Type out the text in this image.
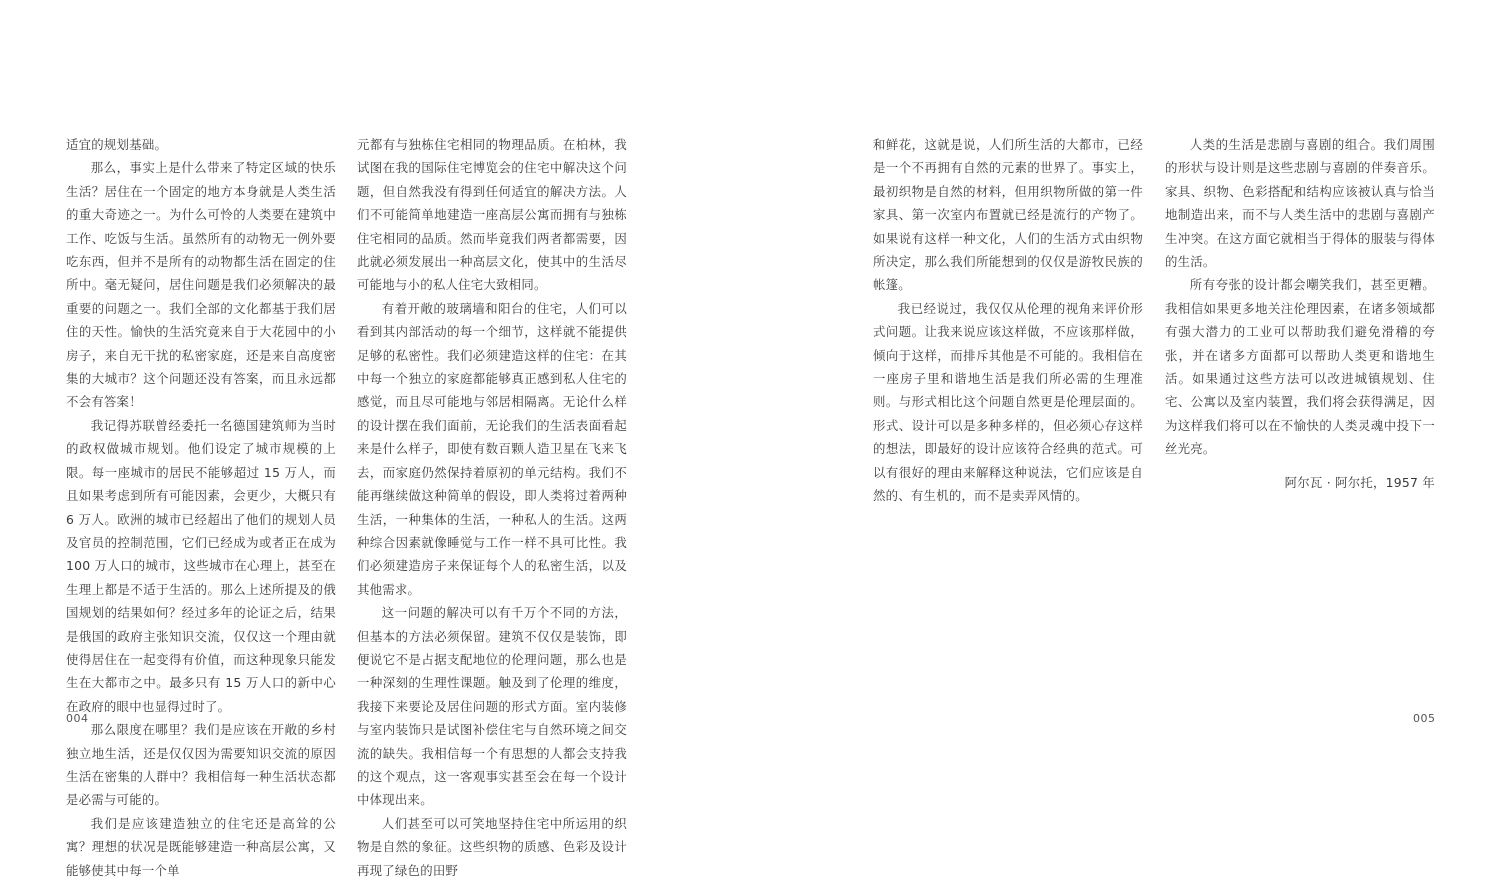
适宜的规划基础。

那么，事实上是什么带来了特定区域的快乐生活？居住在一个固定的地方本身就是人类生活的重大奇迹之一。为什么可怜的人类要在建筑中工作、吃饭与生活。虽然所有的动物无一例外要吃东西，但并不是所有的动物都生活在固定的住所中。毫无疑问，居住问题是我们必须解决的最重要的问题之一。我们全部的文化都基于我们居住的天性。愉快的生活究竟来自于大花园中的小房子，来自无干扰的私密家庭，还是来自高度密集的大城市？这个问题还没有答案，而且永远都不会有答案！

我记得苏联曾经委托一名德国建筑师为当时的政权做城市规划。他们设定了城市规模的上限。每一座城市的居民不能够超过 15 万人，而且如果考虑到所有可能因素，会更少，大概只有 6 万人。欧洲的城市已经超出了他们的规划人员及官员的控制范围，它们已经成为或者正在成为 100 万人口的城市，这些城市在心理上，甚至在生理上都是不适于生活的。那么上述所提及的俄国规划的结果如何？经过多年的论证之后，结果是俄国的政府主张知识交流，仅仅这一个理由就使得居住在一起变得有价值，而这种现象只能发生在大都市之中。最多只有 15 万人口的新中心在政府的眼中也显得过时了。

那么限度在哪里？我们是应该在开敞的乡村独立地生活，还是仅仅因为需要知识交流的原因生活在密集的人群中？我相信每一种生活状态都是必需与可能的。

我们是应该建造独立的住宅还是高耸的公寓？理想的状况是既能够建造一种高层公寓，又能够使其中每一个单

元都有与独栋住宅相同的物理品质。在柏林，我试图在我的国际住宅博览会的住宅中解决这个问题，但自然我没有得到任何适宜的解决方法。人们不可能简单地建造一座高层公寓而拥有与独栋住宅相同的品质。然而毕竟我们两者都需要，因此就必须发展出一种高层文化，使其中的生活尽可能地与小的私人住宅大致相同。

有着开敞的玻璃墙和阳台的住宅，人们可以看到其内部活动的每一个细节，这样就不能提供足够的私密性。我们必须建造这样的住宅：在其中每一个独立的家庭都能够真正感到私人住宅的感觉，而且尽可能地与邻居相隔离。无论什么样的设计摆在我们面前，无论我们的生活表面看起来是什么样子，即使有数百颗人造卫星在飞来飞去，而家庭仍然保持着原初的单元结构。我们不能再继续做这种简单的假设，即人类将过着两种生活，一种集体的生活，一种私人的生活。这两种综合因素就像睡觉与工作一样不具可比性。我们必须建造房子来保证每个人的私密生活，以及其他需求。

这一问题的解决可以有千万个不同的方法，但基本的方法必须保留。建筑不仅仅是装饰，即便说它不是占据支配地位的伦理问题，那么也是一种深刻的生理性课题。触及到了伦理的维度，我接下来要论及居住问题的形式方面。室内装修与室内装饰只是试图补偿住宅与自然环境之间交流的缺失。我相信每一个有思想的人都会支持我的这个观点，这一客观事实甚至会在每一个设计中体现出来。

人们甚至可以可笑地坚持住宅中所运用的织物是自然的象征。这些织物的质感、色彩及设计再现了绿色的田野

和鲜花，这就是说，人们所生活的大都市，已经是一个不再拥有自然的元素的世界了。事实上，最初织物是自然的材料，但用织物所做的第一件家具、第一次室内布置就已经是流行的产物了。如果说有这样一种文化，人们的生活方式由织物所决定，那么我们所能想到的仅仅是游牧民族的帐篷。

我已经说过，我仅仅从伦理的视角来评价形式问题。让我来说应该这样做，不应该那样做，倾向于这样，而排斥其他是不可能的。我相信在一座房子里和谐地生活是我们所必需的生理准则。与形式相比这个问题自然更是伦理层面的。形式、设计可以是多种多样的，但必须心存这样的想法，即最好的设计应该符合经典的范式。可以有很好的理由来解释这种说法，它们应该是自然的、有生机的，而不是卖弄风情的。

人类的生活是悲剧与喜剧的组合。我们周围的形状与设计则是这些悲剧与喜剧的伴奏音乐。家具、织物、色彩搭配和结构应该被认真与恰当地制造出来，而不与人类生活中的悲剧与喜剧产生冲突。在这方面它就相当于得体的服装与得体的生活。

所有夸张的设计都会嘲笑我们，甚至更糟。我相信如果更多地关注伦理因素，在诸多领域都有强大潜力的工业可以帮助我们避免滑稽的夸张，并在诸多方面都可以帮助人类更和谐地生活。如果通过这些方法可以改进城镇规划、住宅、公寓以及室内装置，我们将会获得满足，因为这样我们将可以在不愉快的人类灵魂中投下一丝光亮。

阿尔瓦 · 阿尔托，1957 年

004	005
